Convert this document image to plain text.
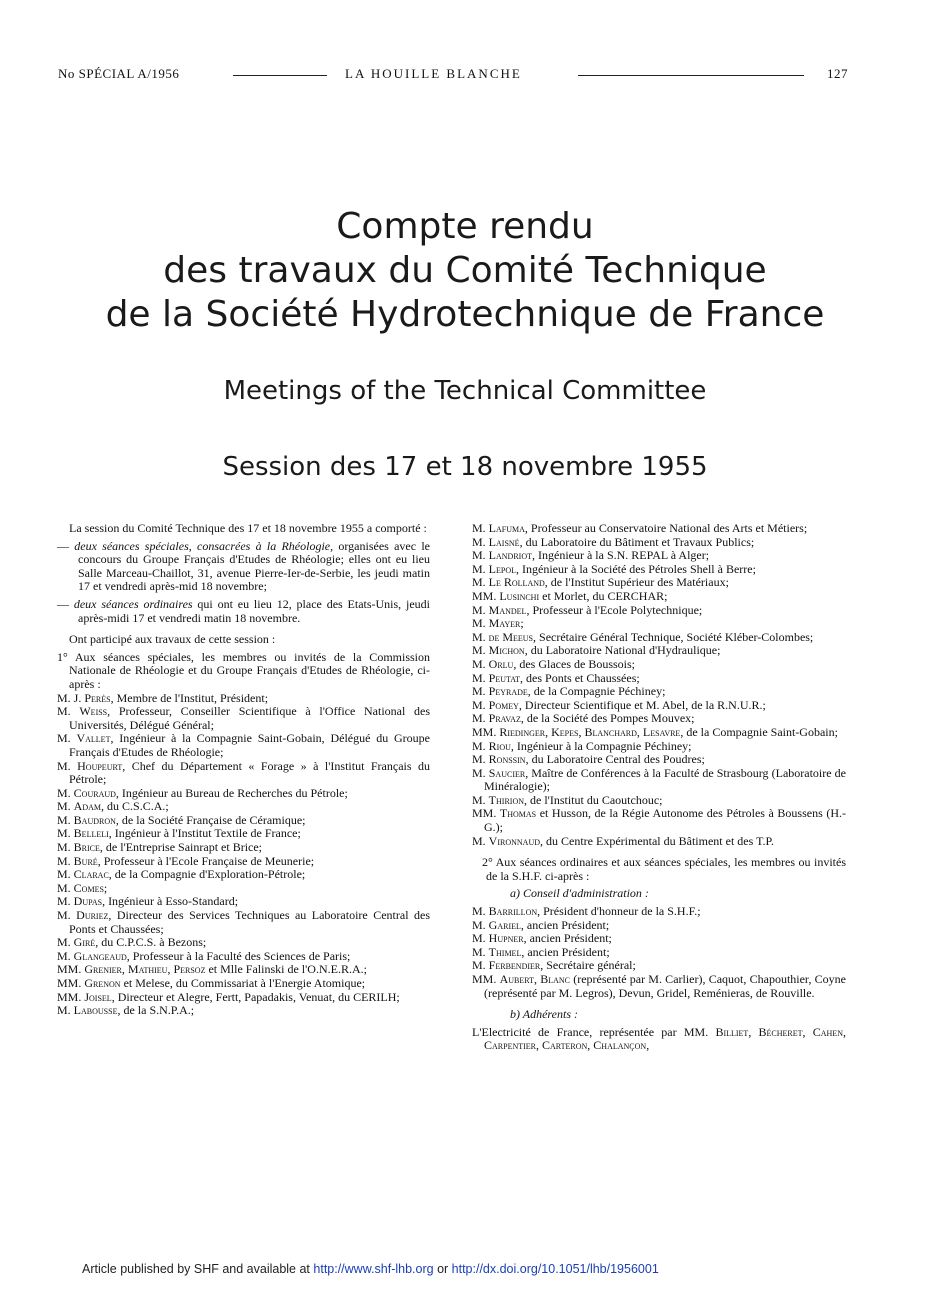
No SPÉCIAL A/1956	LA HOUILLE BLANCHE	127
Compte rendu
des travaux du Comité Technique
de la Société Hydrotechnique de France
Meetings of the Technical Committee
Session des 17 et 18 novembre 1955

La session du Comité Technique des 17 et 18 novembre 1955 a comporté :

— deux séances spéciales, consacrées à la Rhéologie, organisées avec le concours du Groupe Français d'Etudes de Rhéologie; elles ont eu lieu Salle Marceau-Chaillot, 31, avenue Pierre-Ier-de-Serbie, les jeudi matin 17 et vendredi après-mid 18 novembre;

— deux séances ordinaires qui ont eu lieu 12, place des Etats-Unis, jeudi après-midi 17 et vendredi matin 18 novembre.

Ont participé aux travaux de cette session :

1° Aux séances spéciales, les membres ou invités de la Commission Nationale de Rhéologie et du Groupe Français d'Etudes de Rhéologie, ci-après :

M. J. Perès, Membre de l'Institut, Président;

M. Weiss, Professeur, Conseiller Scientifique à l'Office National des Universités, Délégué Général;

M. Vallet, Ingénieur à la Compagnie Saint-Gobain, Délégué du Groupe Français d'Etudes de Rhéologie;

M. Houpeurt, Chef du Département « Forage » à l'Institut Français du Pétrole;

M. Couraud, Ingénieur au Bureau de Recherches du Pétrole;

M. Adam, du C.S.C.A.;

M. Baudron, de la Société Française de Céramique;

M. Belleli, Ingénieur à l'Institut Textile de France;

M. Brice, de l'Entreprise Sainrapt et Brice;

M. Buré, Professeur à l'Ecole Française de Meunerie;

M. Clarac, de la Compagnie d'Exploration-Pétrole;

M. Comes;

M. Dupas, Ingénieur à Esso-Standard;

M. Duriez, Directeur des Services Techniques au Laboratoire Central des Ponts et Chaussées;

M. Giré, du C.P.C.S. à Bezons;

M. Glangeaud, Professeur à la Faculté des Sciences de Paris;

MM. Grenier, Mathieu, Persoz et Mlle Falinski de l'O.N.E.R.A.;

MM. Grenon et Melese, du Commissariat à l'Energie Atomique;

MM. Joisel, Directeur et Alegre, Fertt, Papadakis, Venuat, du CERILH;

M. Labousse, de la S.N.P.A.;

M. Lafuma, Professeur au Conservatoire National des Arts et Métiers;

M. Laisné, du Laboratoire du Bâtiment et Travaux Publics;

M. Landriot, Ingénieur à la S.N. REPAL à Alger;

M. Lepol, Ingénieur à la Société des Pétroles Shell à Berre;

M. Le Rolland, de l'Institut Supérieur des Matériaux;

MM. Lusinchi et Morlet, du CERCHAR;

M. Mandel, Professeur à l'Ecole Polytechnique;

M. Mayer;

M. de Meeus, Secrétaire Général Technique, Société Kléber-Colombes;

M. Michon, du Laboratoire National d'Hydraulique;

M. Orlu, des Glaces de Boussois;

M. Peutat, des Ponts et Chaussées;

M. Peyrade, de la Compagnie Péchiney;

M. Pomey, Directeur Scientifique et M. Abel, de la R.N.U.R.;

M. Pravaz, de la Société des Pompes Mouvex;

MM. Riedinger, Kepes, Blanchard, Lesavre, de la Compagnie Saint-Gobain;

M. Riou, Ingénieur à la Compagnie Péchiney;

M. Ronssin, du Laboratoire Central des Poudres;

M. Saucier, Maître de Conférences à la Faculté de Strasbourg (Laboratoire de Minéralogie);

M. Thirion, de l'Institut du Caoutchouc;

MM. Thomas et Husson, de la Régie Autonome des Pétroles à Boussens (H.-G.);

M. Vironnaud, du Centre Expérimental du Bâtiment et des T.P.

2° Aux séances ordinaires et aux séances spéciales, les membres ou invités de la S.H.F. ci-après :

a) Conseil d'administration :

M. Barrillon, Président d'honneur de la S.H.F.;

M. Gariel, ancien Président;

M. Hupner, ancien Président;

M. Thimel, ancien Président;

M. Ferbendier, Secrétaire général;

MM. Aubert, Blanc (représenté par M. Carlier), Caquot, Chapouthier, Coyne (représenté par M. Legros), Devun, Gridel, Reménieras, de Rouville.

b) Adhérents :

L'Electricité de France, représentée par MM. Billiet, Bécheret, Cahen, Carpentier, Carteron, Chalançon,

Article published by SHF and available at http://www.shf-lhb.org or http://dx.doi.org/10.1051/lhb/1956001
